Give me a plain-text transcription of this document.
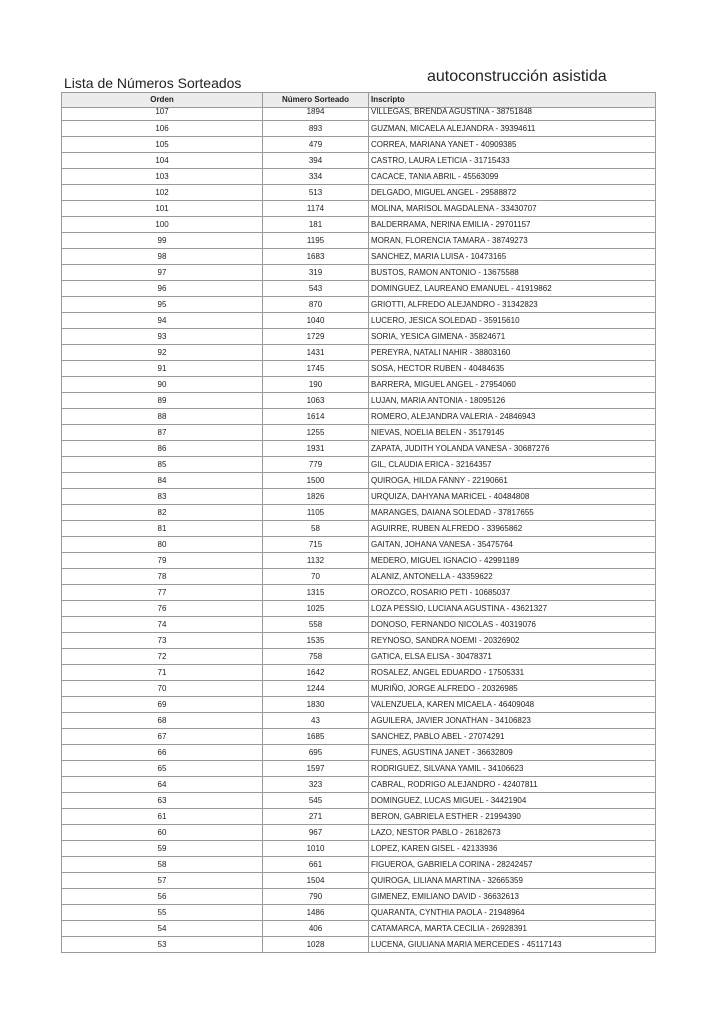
Lista de Números Sorteados	autoconstrucción asistida
Orden	Número Sorteado	Inscripto
107	1894	VILLEGAS, BRENDA AGUSTINA - 38751848
106	893	GUZMAN, MICAELA ALEJANDRA - 39394611
105	479	CORREA, MARIANA YANET - 40909385
104	394	CASTRO, LAURA LETICIA - 31715433
103	334	CACACE, TANIA ABRIL - 45563099
102	513	DELGADO, MIGUEL ANGEL - 29588872
101	1174	MOLINA, MARISOL MAGDALENA - 33430707
100	181	BALDERRAMA, NERINA EMILIA - 29701157
99	1195	MORAN, FLORENCIA TAMARA - 38749273
98	1683	SANCHEZ, MARIA LUISA - 10473165
97	319	BUSTOS, RAMON ANTONIO - 13675588
96	543	DOMINGUEZ, LAUREANO EMANUEL - 41919862
95	870	GRIOTTI, ALFREDO ALEJANDRO - 31342823
94	1040	LUCERO, JESICA SOLEDAD - 35915610
93	1729	SORIA, YESICA GIMENA - 35824671
92	1431	PEREYRA, NATALI NAHIR - 38803160
91	1745	SOSA, HECTOR RUBEN - 40484635
90	190	BARRERA, MIGUEL ANGEL - 27954060
89	1063	LUJAN, MARIA ANTONIA - 18095126
88	1614	ROMERO, ALEJANDRA VALERIA - 24846943
87	1255	NIEVAS, NOELIA BELEN - 35179145
86	1931	ZAPATA, JUDITH YOLANDA VANESA - 30687276
85	779	GIL, CLAUDIA ERICA - 32164357
84	1500	QUIROGA, HILDA FANNY - 22190661
83	1826	URQUIZA, DAHYANA MARICEL - 40484808
82	1105	MARANGES, DAIANA SOLEDAD - 37817655
81	58	AGUIRRE, RUBEN ALFREDO - 33965862
80	715	GAITAN, JOHANA VANESA - 35475764
79	1132	MEDERO, MIGUEL IGNACIO - 42991189
78	70	ALANIZ, ANTONELLA - 43359622
77	1315	OROZCO, ROSARIO PETI - 10685037
76	1025	LOZA PESSIO, LUCIANA AGUSTINA - 43621327
74	558	DONOSO, FERNANDO NICOLAS - 40319076
73	1535	REYNOSO, SANDRA NOEMI - 20326902
72	758	GATICA, ELSA ELISA - 30478371
71	1642	ROSALEZ, ANGEL EDUARDO - 17505331
70	1244	MURIÑO, JORGE ALFREDO - 20326985
69	1830	VALENZUELA, KAREN MICAELA - 46409048
68	43	AGUILERA, JAVIER JONATHAN - 34106823
67	1685	SANCHEZ, PABLO ABEL - 27074291
66	695	FUNES, AGUSTINA JANET - 36632809
65	1597	RODRIGUEZ, SILVANA YAMIL - 34106623
64	323	CABRAL, RODRIGO ALEJANDRO - 42407811
63	545	DOMINGUEZ, LUCAS MIGUEL - 34421904
61	271	BERON, GABRIELA ESTHER - 21994390
60	967	LAZO, NESTOR PABLO - 26182673
59	1010	LOPEZ, KAREN GISEL - 42133936
58	661	FIGUEROA, GABRIELA CORINA - 28242457
57	1504	QUIROGA, LILIANA MARTINA - 32665359
56	790	GIMENEZ, EMILIANO DAVID - 36632613
55	1486	QUARANTA, CYNTHIA PAOLA - 21948964
54	406	CATAMARCA, MARTA CECILIA - 26928391
53	1028	LUCENA, GIULIANA MARIA MERCEDES - 45117143
